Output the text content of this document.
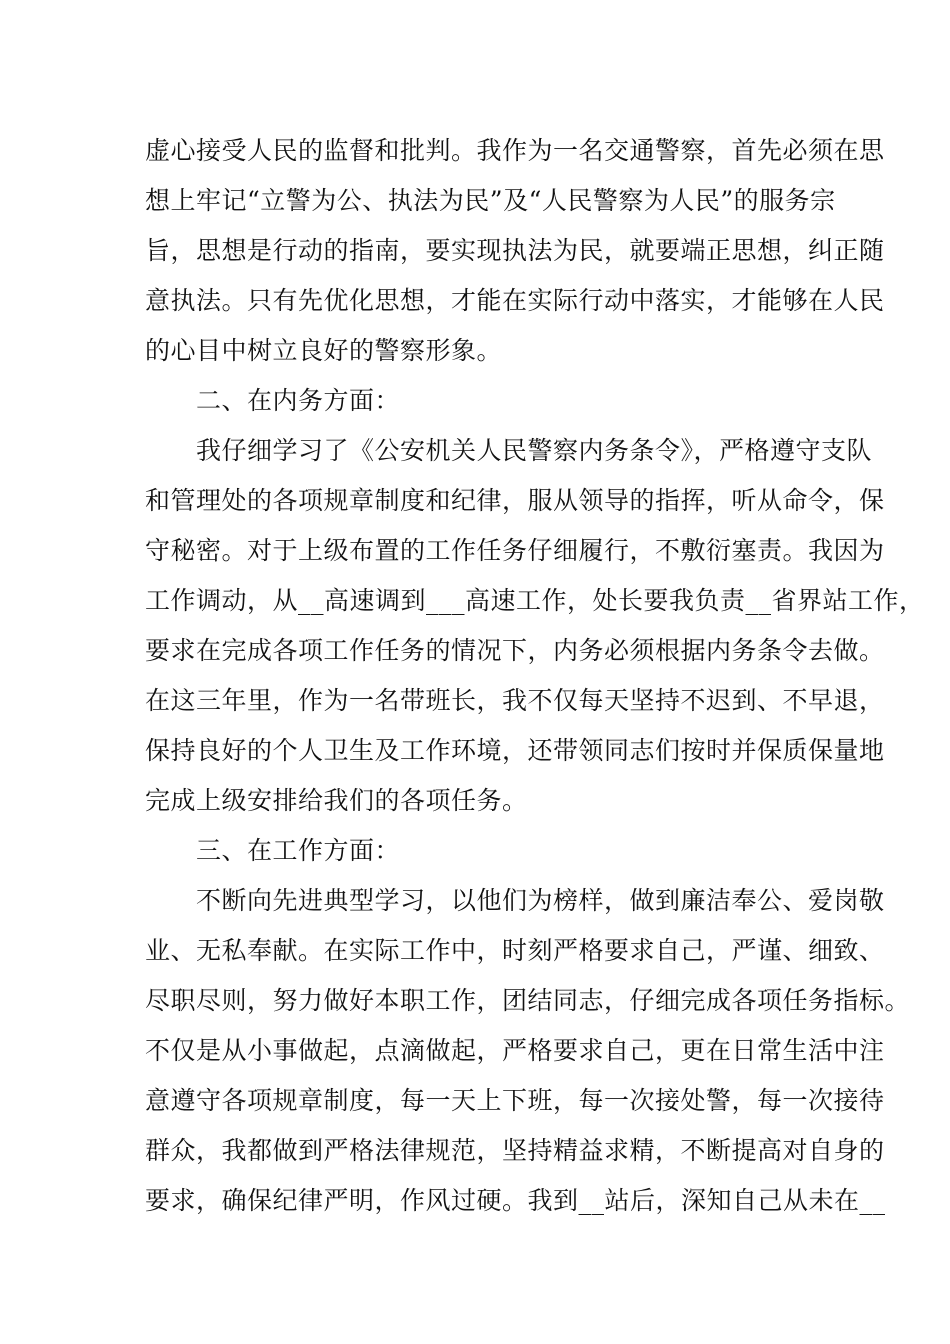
虚心接受人民的监督和批判。我作为一名交通警察，首先必须在思
想上牢记“立警为公、执法为民”及“人民警察为人民”的服务宗
旨，思想是行动的指南，要实现执法为民，就要端正思想，纠正随
意执法。只有先优化思想，才能在实际行动中落实，才能够在人民
的心目中树立良好的警察形象。
　　二、在内务方面：
　　我仔细学习了《公安机关人民警察内务条令》，严格遵守支队
和管理处的各项规章制度和纪律，服从领导的指挥，听从命令，保
守秘密。对于上级布置的工作任务仔细履行，不敷衍塞责。我因为
工作调动，从__高速调到___高速工作，处长要我负责__省界站工作，
要求在完成各项工作任务的情况下，内务必须根据内务条令去做。
在这三年里，作为一名带班长，我不仅每天坚持不迟到、不早退，
保持良好的个人卫生及工作环境，还带领同志们按时并保质保量地
完成上级安排给我们的各项任务。
　　三、在工作方面：
　　不断向先进典型学习，以他们为榜样，做到廉洁奉公、爱岗敬
业、无私奉献。在实际工作中，时刻严格要求自己，严谨、细致、
尽职尽则，努力做好本职工作，团结同志，仔细完成各项任务指标。
不仅是从小事做起，点滴做起，严格要求自己，更在日常生活中注
意遵守各项规章制度，每一天上下班，每一次接处警，每一次接待
群众，我都做到严格法律规范，坚持精益求精，不断提高对自身的
要求，确保纪律严明，作风过硬。我到__站后，深知自己从未在__
